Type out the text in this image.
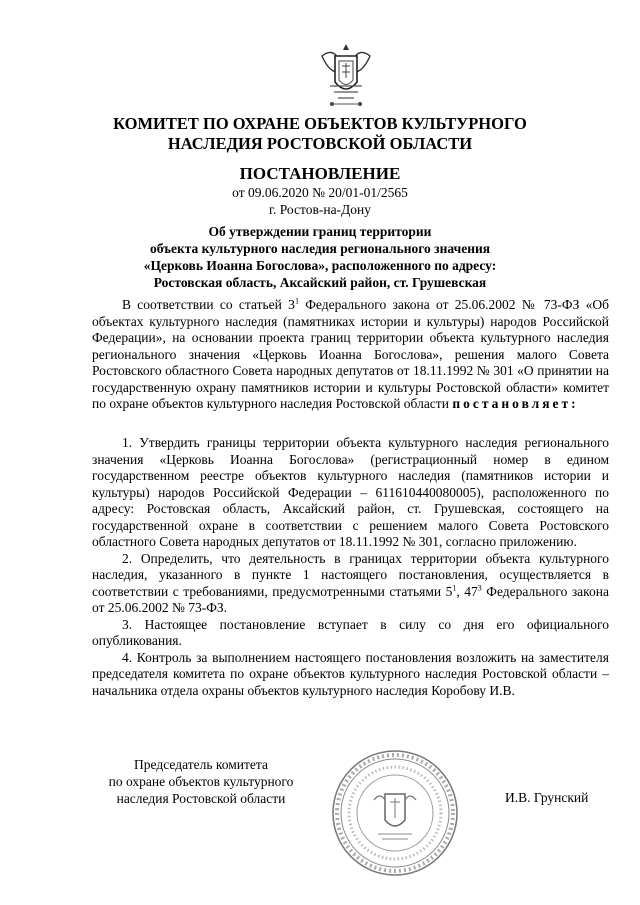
КОМИТЕТ ПО ОХРАНЕ ОБЪЕКТОВ КУЛЬТУРНОГО
НАСЛЕДИЯ РОСТОВСКОЙ ОБЛАСТИ
ПОСТАНОВЛЕНИЕ
от 09.06.2020 № 20/01-01/2565
г. Ростов-на-Дону
Об утверждении границ территории
объекта культурного наследия регионального значения
«Церковь Иоанна Богослова», расположенного по адресу:
Ростовская область, Аксайский район, ст. Грушевская
В соответствии со статьей $3^1$ Федерального закона от 25.06.2002 № 73-ФЗ «Об объектах культурного наследия (памятниках истории и культуры) народов Российской Федерации», на основании проекта границ территории объекта культурного наследия регионального значения «Церковь Иоанна Богослова», решения малого Совета Ростовского областного Совета народных депутатов от 18.11.1992 № 301 «О принятии на государственную охрану памятников истории и культуры Ростовской области» комитет по охране объектов культурного наследия Ростовской области постановляет:

1. Утвердить границы территории объекта культурного наследия регионального значения «Церковь Иоанна Богослова» (регистрационный номер в едином государственном реестре объектов культурного наследия (памятников истории и культуры) народов Российской Федерации – 611610440080005), расположенного по адресу: Ростовская область, Аксайский район, ст. Грушевская, состоящего на государственной охране в соответствии с решением малого Совета Ростовского областного Совета народных депутатов от 18.11.1992 № 301, согласно приложению.

2. Определить, что деятельность в границах территории объекта культурного наследия, указанного в пункте 1 настоящего постановления, осуществляется в соответствии с требованиями, предусмотренными статьями $5^1$, $47^3$ Федерального закона от 25.06.2002 № 73-ФЗ.

3. Настоящее постановление вступает в силу со дня его официального опубликования.

4. Контроль за выполнением настоящего постановления возложить на заместителя председателя комитета по охране объектов культурного наследия Ростовской области – начальника отдела охраны объектов культурного наследия Коробову И.В.

Председатель комитета
по охране объектов культурного
наследия Ростовской области	И.В. Грунский
